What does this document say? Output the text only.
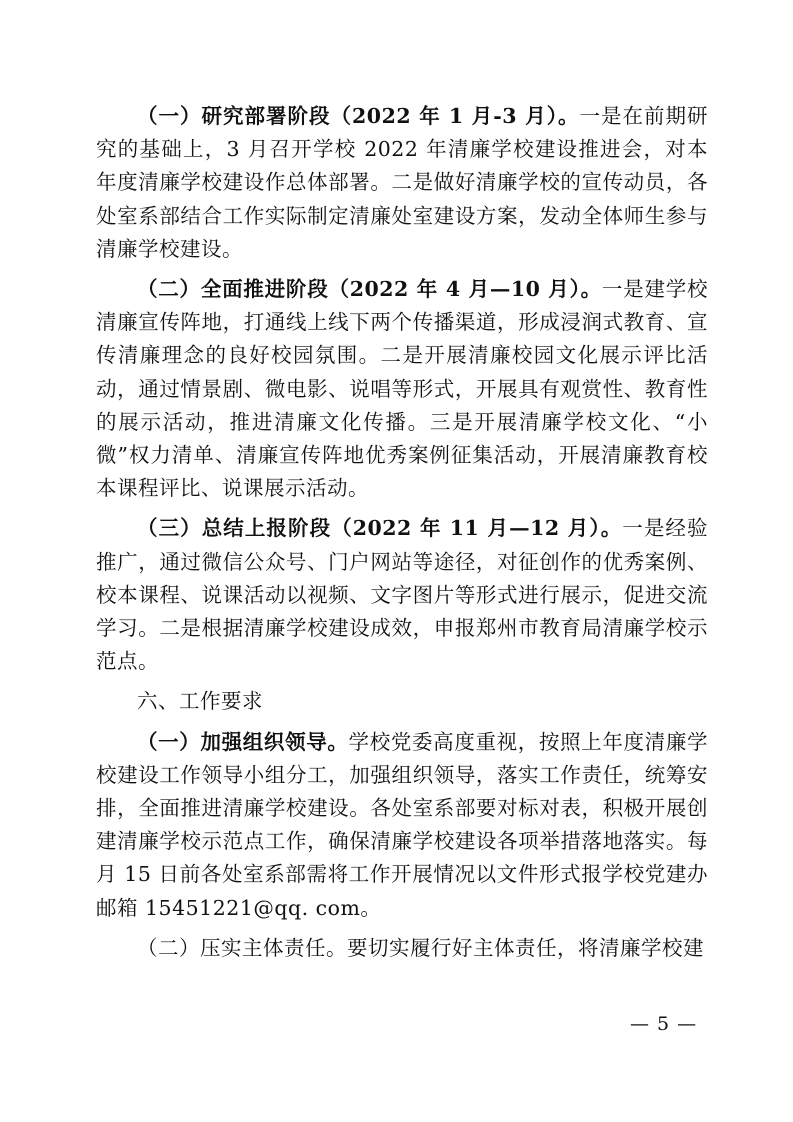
（一）研究部署阶段（2022 年 1 月-3 月）。一是在前期研究的基础上，3 月召开学校 2022 年清廉学校建设推进会，对本年度清廉学校建设作总体部署。二是做好清廉学校的宣传动员，各处室系部结合工作实际制定清廉处室建设方案，发动全体师生参与清廉学校建设。

（二）全面推进阶段（2022 年 4 月—10 月）。一是建学校清廉宣传阵地，打通线上线下两个传播渠道，形成浸润式教育、宣传清廉理念的良好校园氛围。二是开展清廉校园文化展示评比活动，通过情景剧、微电影、说唱等形式，开展具有观赏性、教育性的展示活动，推进清廉文化传播。三是开展清廉学校文化、“小微”权力清单、清廉宣传阵地优秀案例征集活动，开展清廉教育校本课程评比、说课展示活动。

（三）总结上报阶段（2022 年 11 月—12 月）。一是经验推广，通过微信公众号、门户网站等途径，对征创作的优秀案例、校本课程、说课活动以视频、文字图片等形式进行展示，促进交流学习。二是根据清廉学校建设成效，申报郑州市教育局清廉学校示范点。

六、工作要求

（一）加强组织领导。学校党委高度重视，按照上年度清廉学校建设工作领导小组分工，加强组织领导，落实工作责任，统筹安排，全面推进清廉学校建设。各处室系部要对标对表，积极开展创建清廉学校示范点工作，确保清廉学校建设各项举措落地落实。每月 15 日前各处室系部需将工作开展情况以文件形式报学校党建办邮箱 15451221@qq. com。

（二）压实主体责任。要切实履行好主体责任，将清廉学校建

— 5 —
